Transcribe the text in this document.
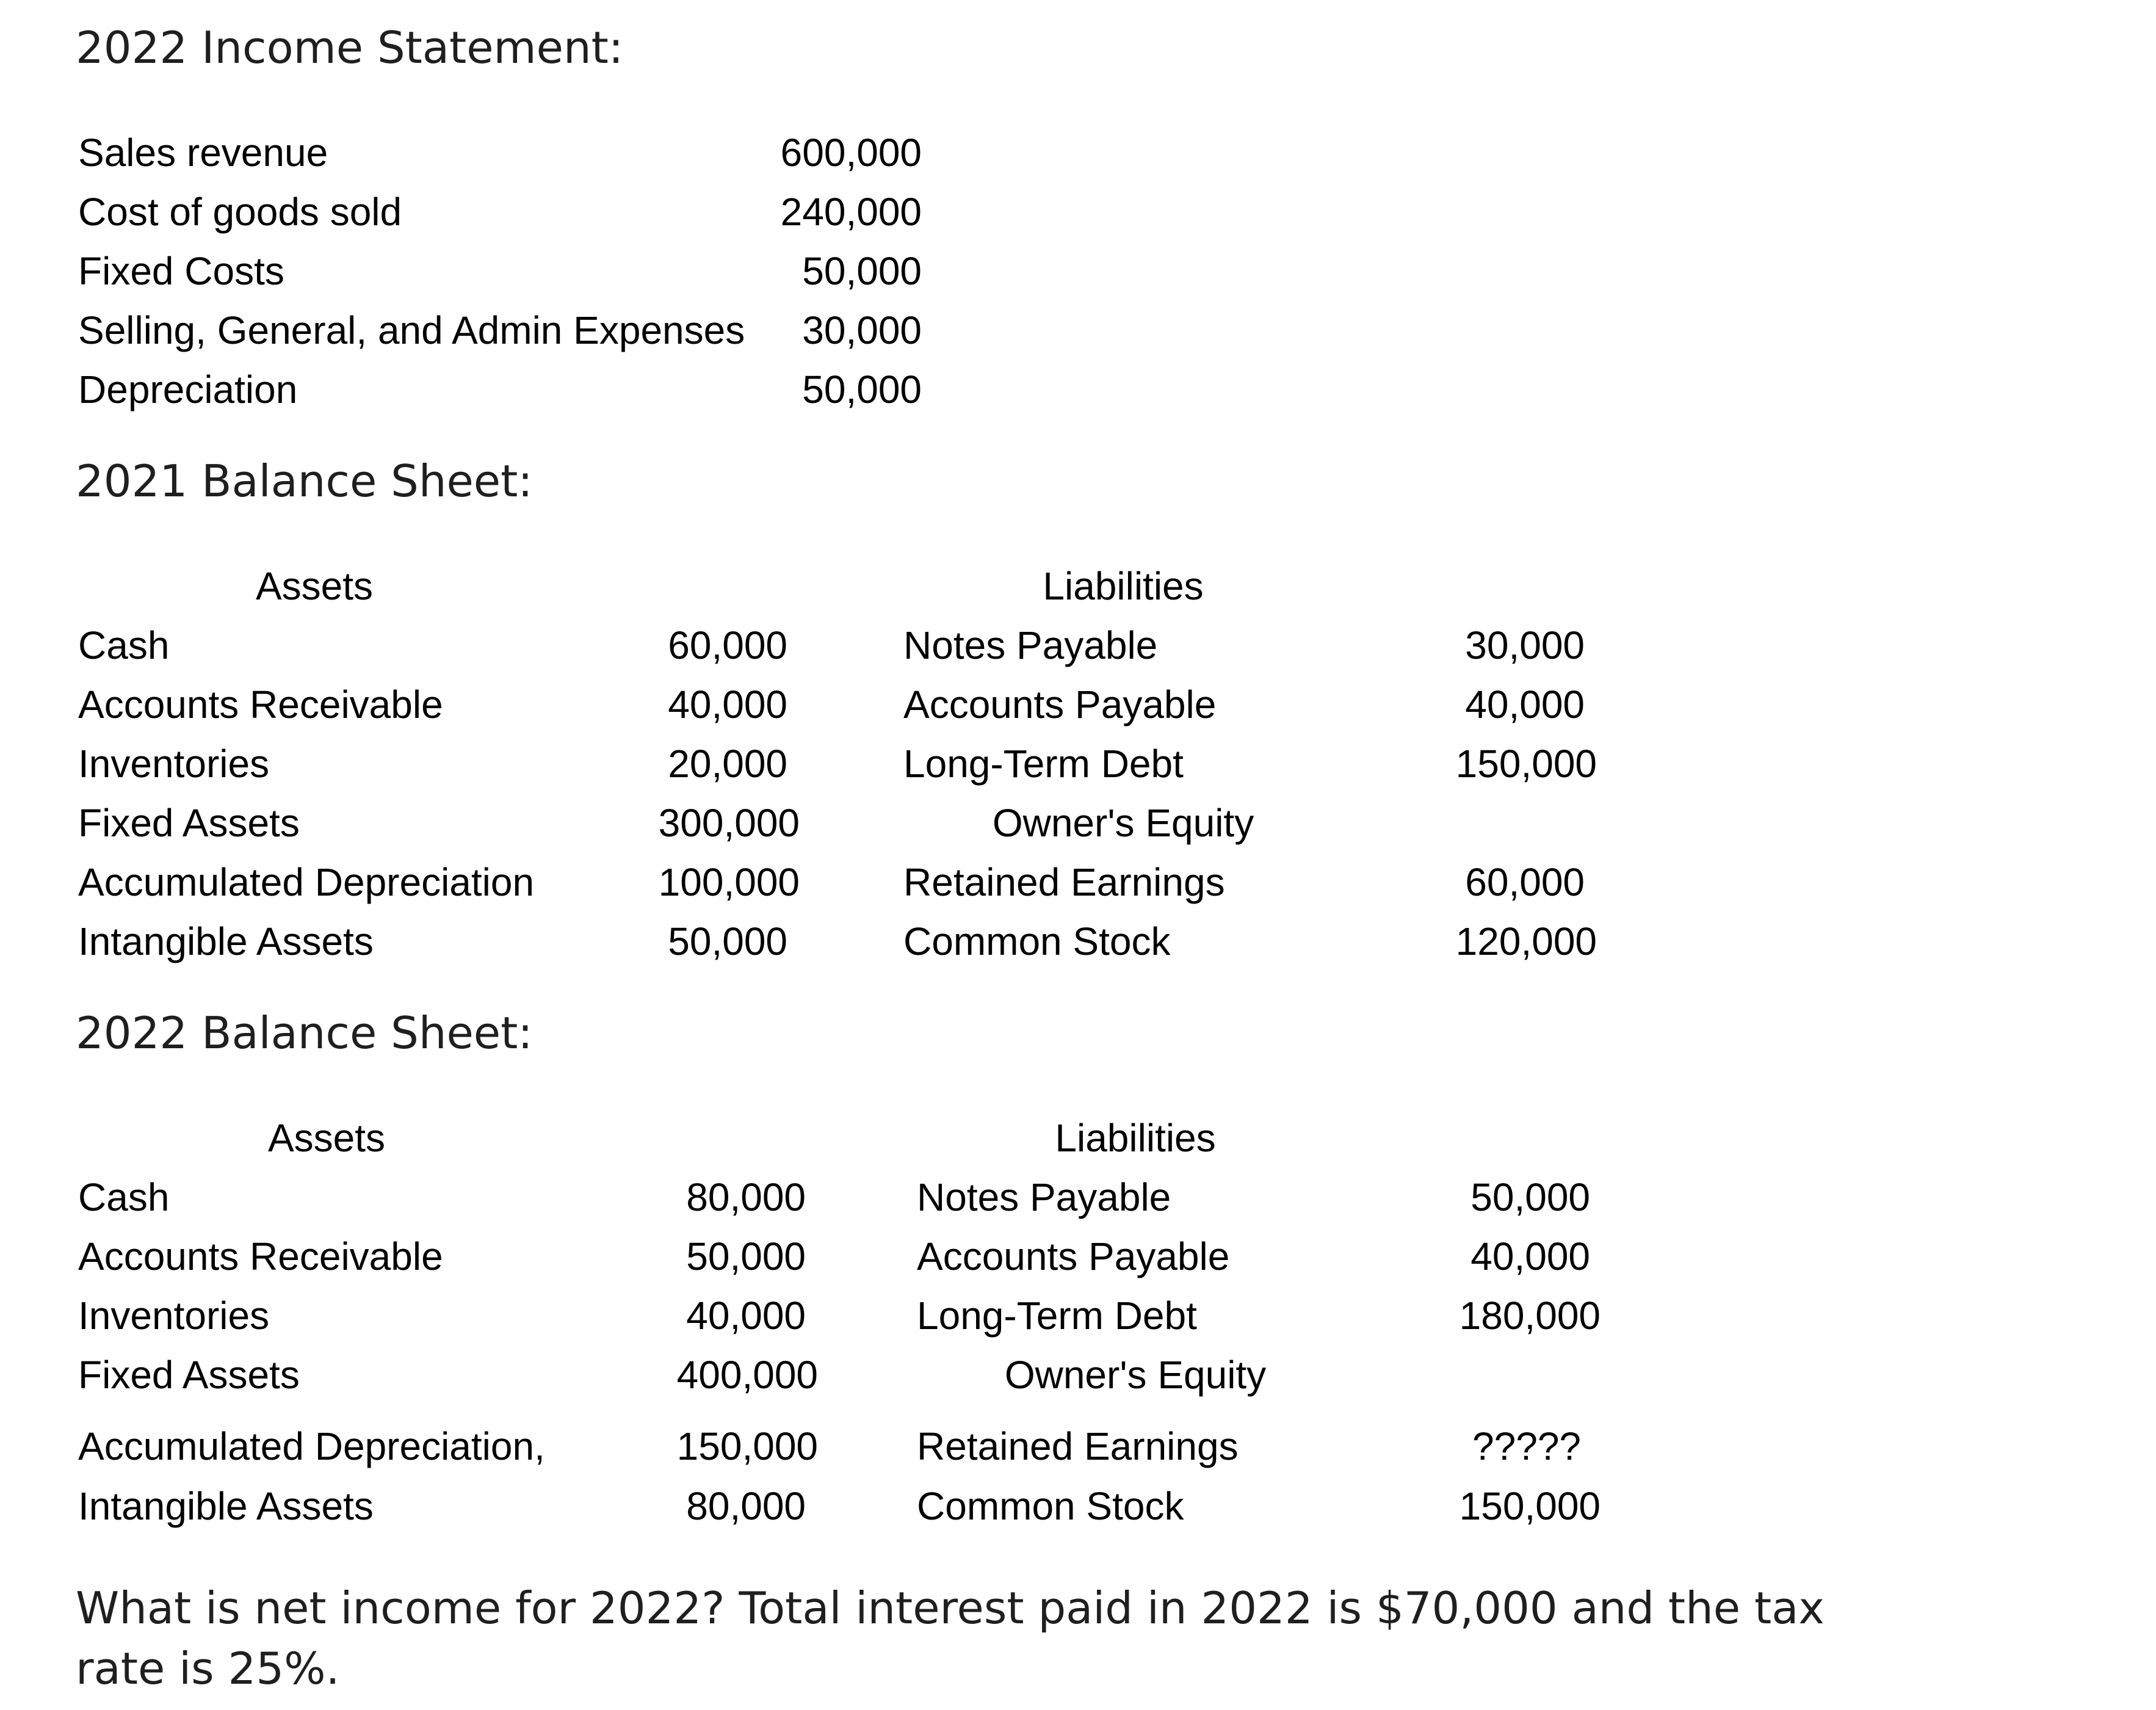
2022 Income Statement:
Sales revenue	600,000
Cost of goods sold	240,000
Fixed Costs	50,000
Selling, General, and Admin Expenses	30,000
Depreciation	50,000
2021 Balance Sheet:
Assets	Liabilities
Cash	60,000	Notes Payable	30,000
Accounts Receivable	40,000	Accounts Payable	40,000
Inventories	20,000	Long-Term Debt	150,000
Fixed Assets	300,000	Owner's Equity
Accumulated Depreciation	100,000	Retained Earnings	60,000
Intangible Assets	50,000	Common Stock	120,000
2022 Balance Sheet:
Assets	Liabilities
Cash	80,000	Notes Payable	50,000
Accounts Receivable	50,000	Accounts Payable	40,000
Inventories	40,000	Long-Term Debt	180,000
Fixed Assets	400,000	Owner's Equity
Accumulated Depreciation,	150,000	Retained Earnings	?????
Intangible Assets	80,000	Common Stock	150,000
What is net income for 2022? Total interest paid in 2022 is $70,000 and the tax rate is 25%.
